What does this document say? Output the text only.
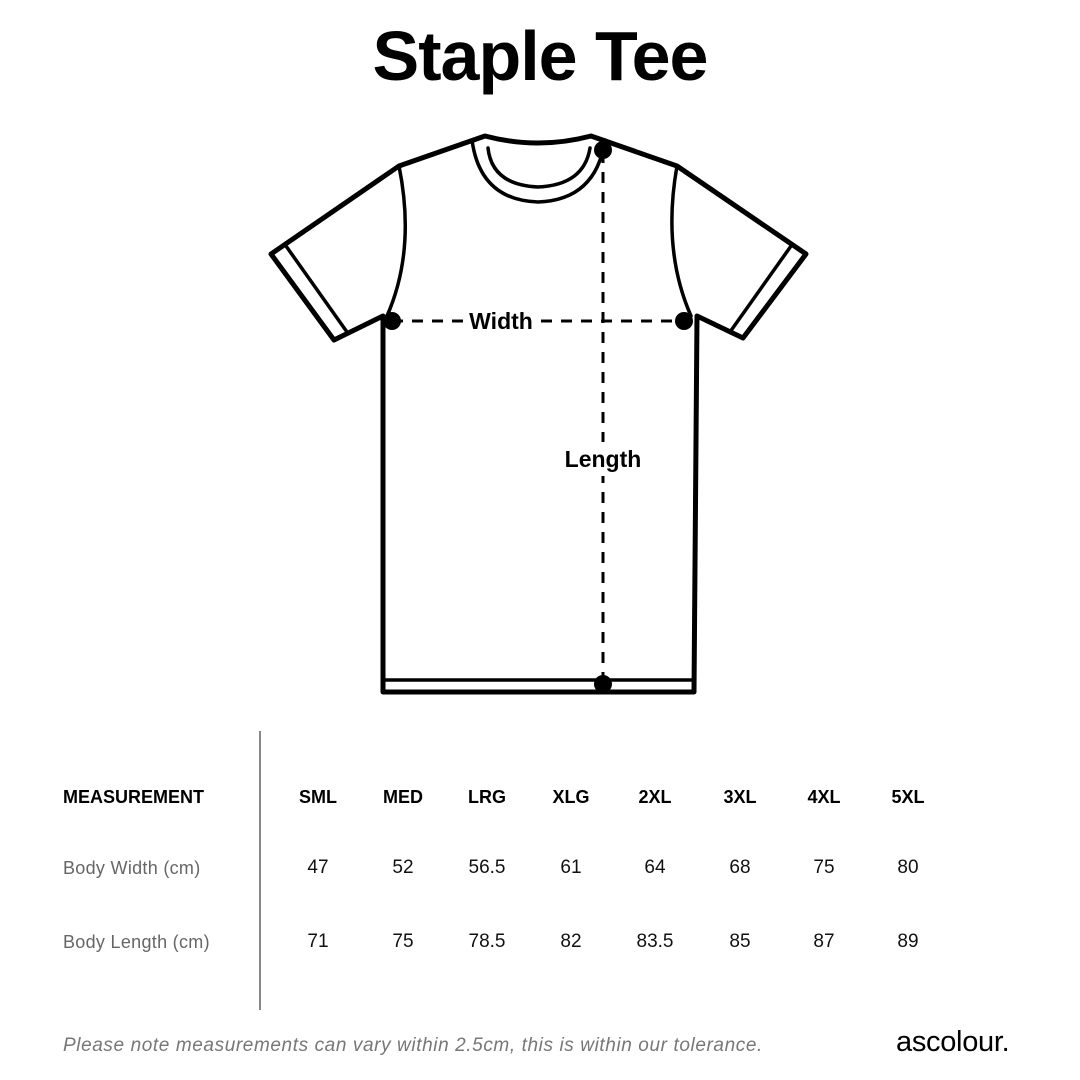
Staple Tee
Width
Length
MEASUREMENT	SML	MED	LRG	XLG	2XL	3XL	4XL	5XL
Body Width (cm)	47	52	56.5	61	64	68	75	80
Body Length (cm)	71	75	78.5	82	83.5	85	87	89
Please note measurements can vary within 2.5cm, this is within our tolerance.	ascolour.
